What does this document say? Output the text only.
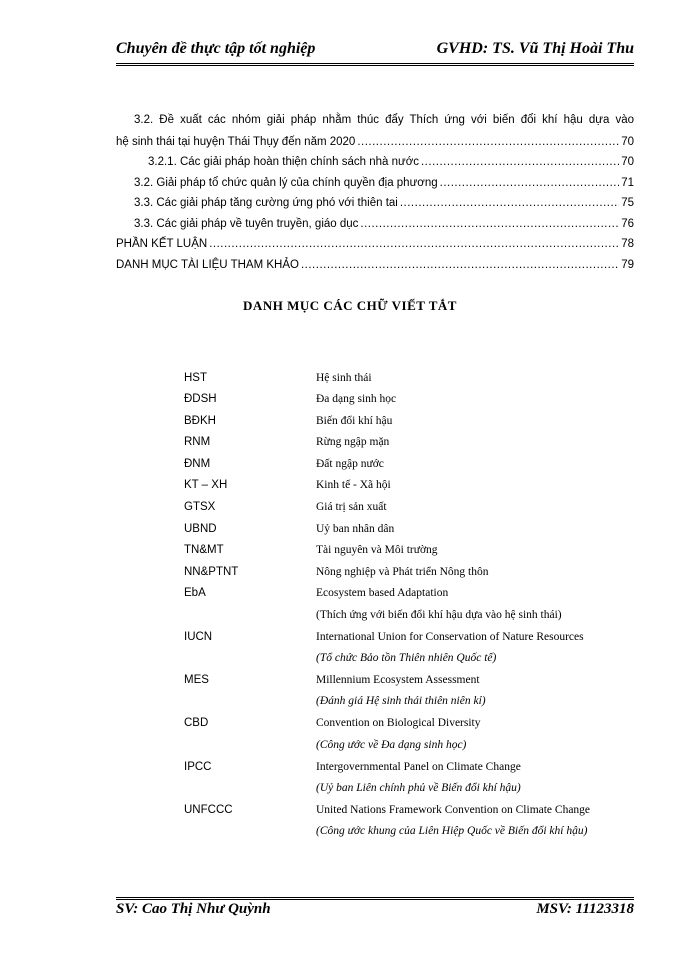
Chuyên đề thực tập tốt nghiệp	GVHD: TS. Vũ Thị Hoài Thu
3.2. Đề xuất các nhóm giải pháp nhằm thúc đẩy Thích ứng với biến đổi khí hậu dựa vào
hệ sinh thái tại huyện Thái Thụy đến năm 2020 .....	70
3.2.1. Các giải pháp hoàn thiện chính sách nhà nước .....	70
3.2. Giải pháp tổ chức quản lý của chính quyền địa phương .....	71
3.3. Các giải pháp tăng cường ứng phó với thiên tai .....	75
3.3. Các giải pháp về tuyên truyền, giáo dục .....	76
PHẦN KẾT LUẬN .....	78
DANH MỤC TÀI LIỆU THAM KHẢO .....	79
DANH MỤC CÁC CHỮ VIẾT TẮT
HST	Hệ sinh thái
ĐDSH	Đa dạng sinh học
BĐKH	Biến đổi khí hậu
RNM	Rừng ngập mặn
ĐNM	Đất ngập nước
KT – XH	Kinh tế - Xã hội
GTSX	Giá trị sản xuất
UBND	Uỷ ban nhân dân
TN&MT	Tài nguyên và Môi trường
NN&PTNT	Nông nghiệp và Phát triển Nông thôn
EbA	Ecosystem based Adaptation
(Thích ứng với biến đổi khí hậu dựa vào hệ sinh thái)
IUCN	International Union for Conservation of Nature Resources
(Tổ chức Bảo tồn Thiên nhiên Quốc tế)
MES	Millennium Ecosystem Assessment
(Đánh giá Hệ sinh thái thiên niên kỉ)
CBD	Convention on Biological Diversity
(Công ước về Đa dạng sinh học)
IPCC	Intergovernmental Panel on Climate Change
(Uỷ ban Liên chính phủ về Biến đổi khí hậu)
UNFCCC	United Nations Framework Convention on Climate Change
(Công ước khung của Liên Hiệp Quốc về Biến đổi khí hậu)
SV: Cao Thị Như Quỳnh	MSV: 11123318
